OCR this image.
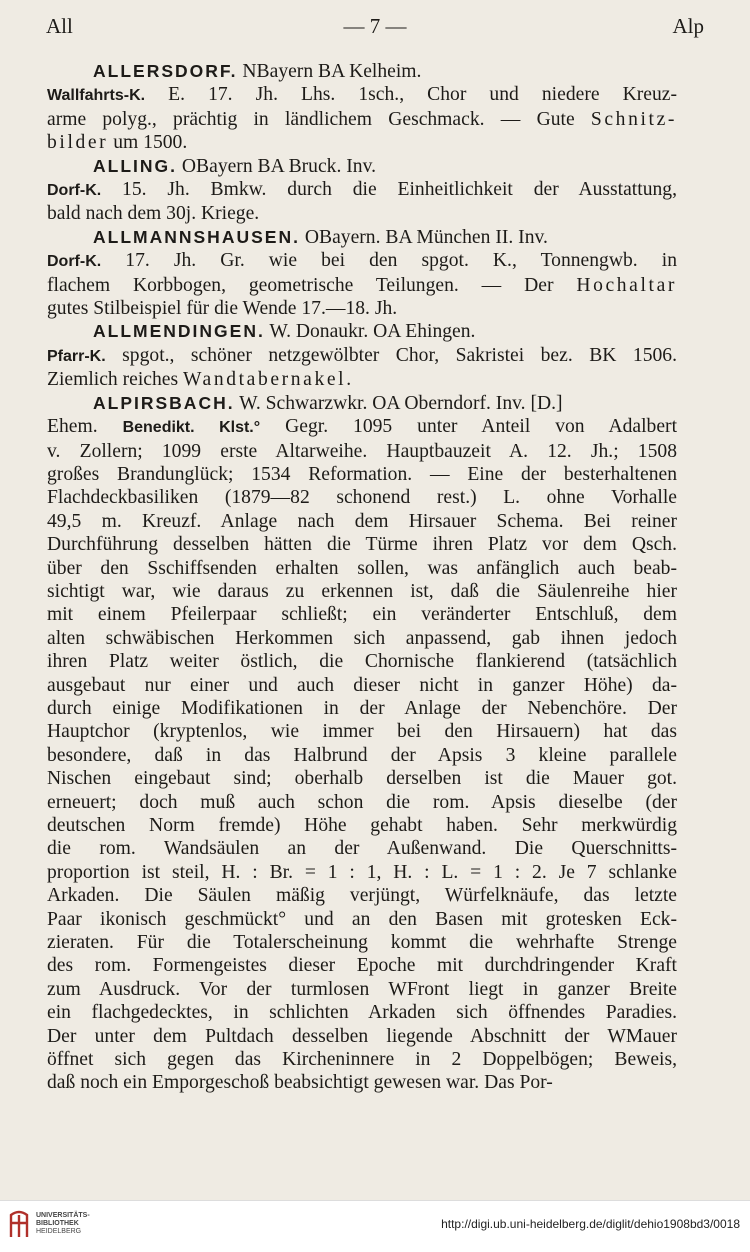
All	— 7 —	Alp
ALLERSDORF. NBayern BA Kelheim.
Wallfahrts-K. E. 17. Jh. Lhs. 1sch., Chor und niedere Kreuz-
arme polyg., prächtig in ländlichem Geschmack. — Gute Schnitz-
bilder um 1500.
ALLING. OBayern BA Bruck. Inv.
Dorf-K. 15. Jh. Bmkw. durch die Einheitlichkeit der Ausstattung,
bald nach dem 30j. Kriege.
ALLMANNSHAUSEN. OBayern. BA München II. Inv.
Dorf-K. 17. Jh. Gr. wie bei den spgot. K., Tonnengwb. in
flachem Korbbogen, geometrische Teilungen. — Der Hochaltar
gutes Stilbeispiel für die Wende 17.—18. Jh.
ALLMENDINGEN. W. Donaukr. OA Ehingen.
Pfarr-K. spgot., schöner netzgewölbter Chor, Sakristei bez. BK 1506.
Ziemlich reiches Wandtabernakel.
ALPIRSBACH. W. Schwarzwkr. OA Oberndorf. Inv. [D.]
Ehem. Benedikt. Klst.° Gegr. 1095 unter Anteil von Adalbert
v. Zollern; 1099 erste Altarweihe. Hauptbauzeit A. 12. Jh.; 1508
großes Brandunglück; 1534 Reformation. — Eine der besterhaltenen
Flachdeckbasiliken (1879—82 schonend rest.) L. ohne Vorhalle
49,5 m. Kreuzf. Anlage nach dem Hirsauer Schema. Bei reiner
Durchführung desselben hätten die Türme ihren Platz vor dem Qsch.
über den Sschiffsenden erhalten sollen, was anfänglich auch beab-
sichtigt war, wie daraus zu erkennen ist, daß die Säulenreihe hier
mit einem Pfeilerpaar schließt; ein veränderter Entschluß, dem
alten schwäbischen Herkommen sich anpassend, gab ihnen jedoch
ihren Platz weiter östlich, die Chornische flankierend (tatsächlich
ausgebaut nur einer und auch dieser nicht in ganzer Höhe) da-
durch einige Modifikationen in der Anlage der Nebenchöre. Der
Hauptchor (kryptenlos, wie immer bei den Hirsauern) hat das
besondere, daß in das Halbrund der Apsis 3 kleine parallele
Nischen eingebaut sind; oberhalb derselben ist die Mauer got.
erneuert; doch muß auch schon die rom. Apsis dieselbe (der
deutschen Norm fremde) Höhe gehabt haben. Sehr merkwürdig
die rom. Wandsäulen an der Außenwand. Die Querschnitts-
proportion ist steil, H. : Br. = 1 : 1, H. : L. = 1 : 2. Je 7 schlanke
Arkaden. Die Säulen mäßig verjüngt, Würfelknäufe, das letzte
Paar ikonisch geschmückt° und an den Basen mit grotesken Eck-
zieraten. Für die Totalerscheinung kommt die wehrhafte Strenge
des rom. Formengeistes dieser Epoche mit durchdringender Kraft
zum Ausdruck. Vor der turmlosen WFront liegt in ganzer Breite
ein flachgedecktes, in schlichten Arkaden sich öffnendes Paradies.
Der unter dem Pultdach desselben liegende Abschnitt der WMauer
öffnet sich gegen das Kircheninnere in 2 Doppelbögen; Beweis,
daß noch ein Emporgeschoß beabsichtigt gewesen war. Das Por-
UNIVERSITÄTS-
BIBLIOTHEK
HEIDELBERG
http://digi.ub.uni-heidelberg.de/diglit/dehio1908bd3/0018
